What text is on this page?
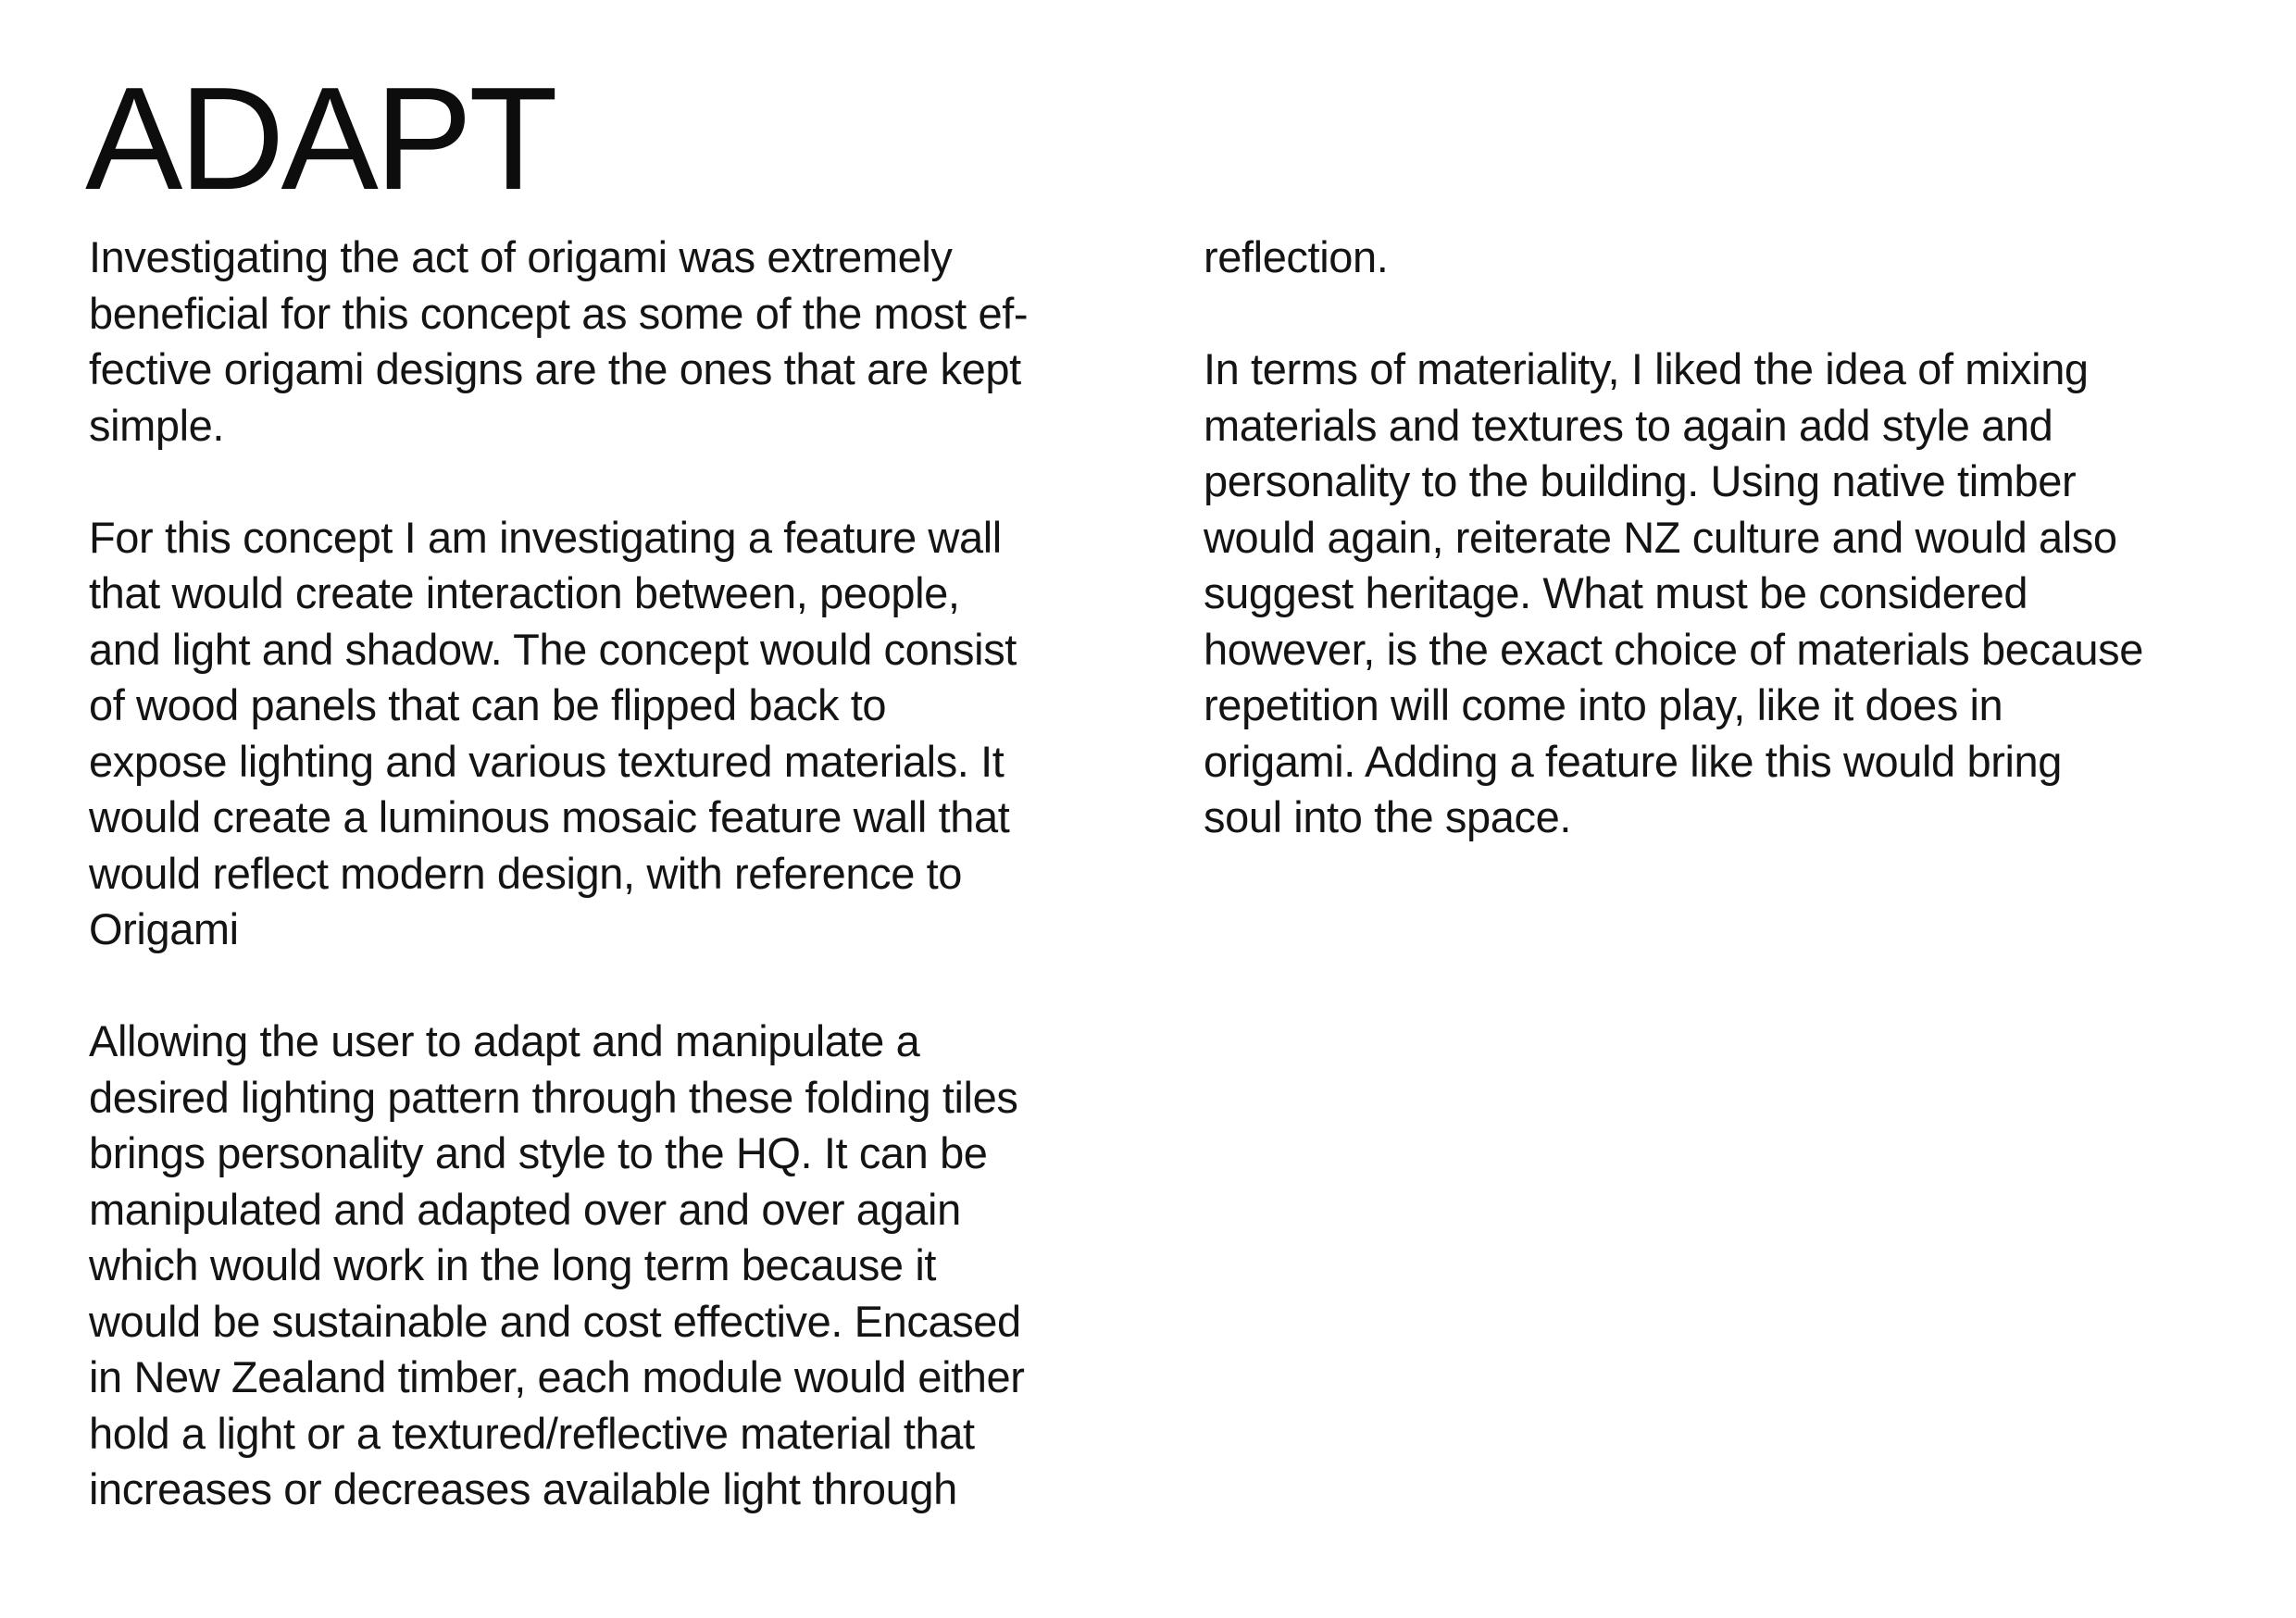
ADAPT
Investigating the act of origami was extremely
beneficial for this concept as some of the most ef-
fective origami designs are the ones that are kept
simple.
For this concept I am investigating a feature wall
that would create interaction between, people,
and light and shadow. The concept would consist
of wood panels that can be flipped back to
expose lighting and various textured materials. It
would create a luminous mosaic feature wall that
would reflect modern design, with reference to
Origami
Allowing the user to adapt and manipulate a
desired lighting pattern through these folding tiles
brings personality and style to the HQ. It can be
manipulated and adapted over and over again
which would work in the long term because it
would be sustainable and cost effective. Encased
in New Zealand timber, each module would either
hold a light or a textured/reflective material that
increases or decreases available light through
reflection.
In terms of materiality, I liked the idea of mixing
materials and textures to again add style and
personality to the building. Using native timber
would again, reiterate NZ culture and would also
suggest heritage. What must be considered
however, is the exact choice of materials because
repetition will come into play, like it does in
origami. Adding a feature like this would bring
soul into the space.
